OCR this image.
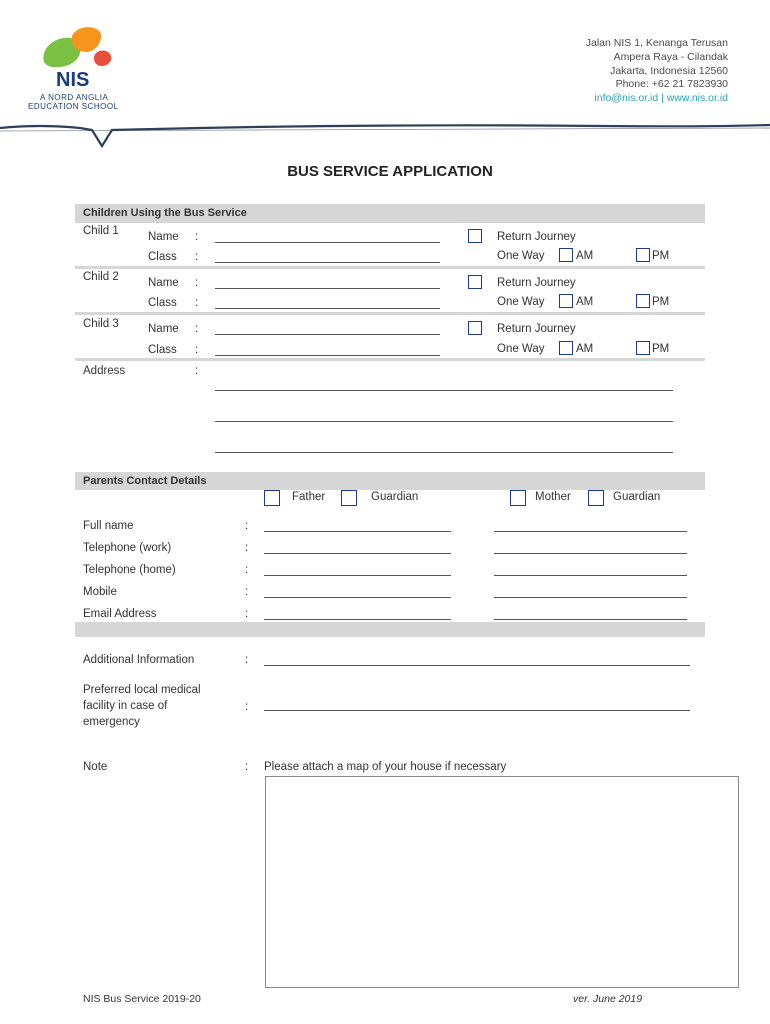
NIS
A NORD ANGLIA
EDUCATION SCHOOL
Jalan NIS 1, Kenanga Terusan
Ampera Raya - Cilandak
Jakarta, Indonesia 12560
Phone: +62 21 7823930
info@nis.or.id | www.nis.or.id
BUS SERVICE APPLICATION
Children Using the Bus Service
Child 1	Name :
Class :
Return Journey
One Way	AM	PM
Child 2	Name :
Class :
Return Journey
One Way	AM	PM
Child 3	Name :
Class :
Return Journey
One Way	AM	PM
Address	:
Parents Contact Details
Father	Guardian	Mother	Guardian
Full name	:
Telephone (work)	:
Telephone (home)	:
Mobile	:
Email Address	:
Additional Information	:
Preferred local medical
facility in case of
emergency
:
Note	: Please attach a map of your house if necessary
NIS Bus Service 2019-20	ver. June 2019
